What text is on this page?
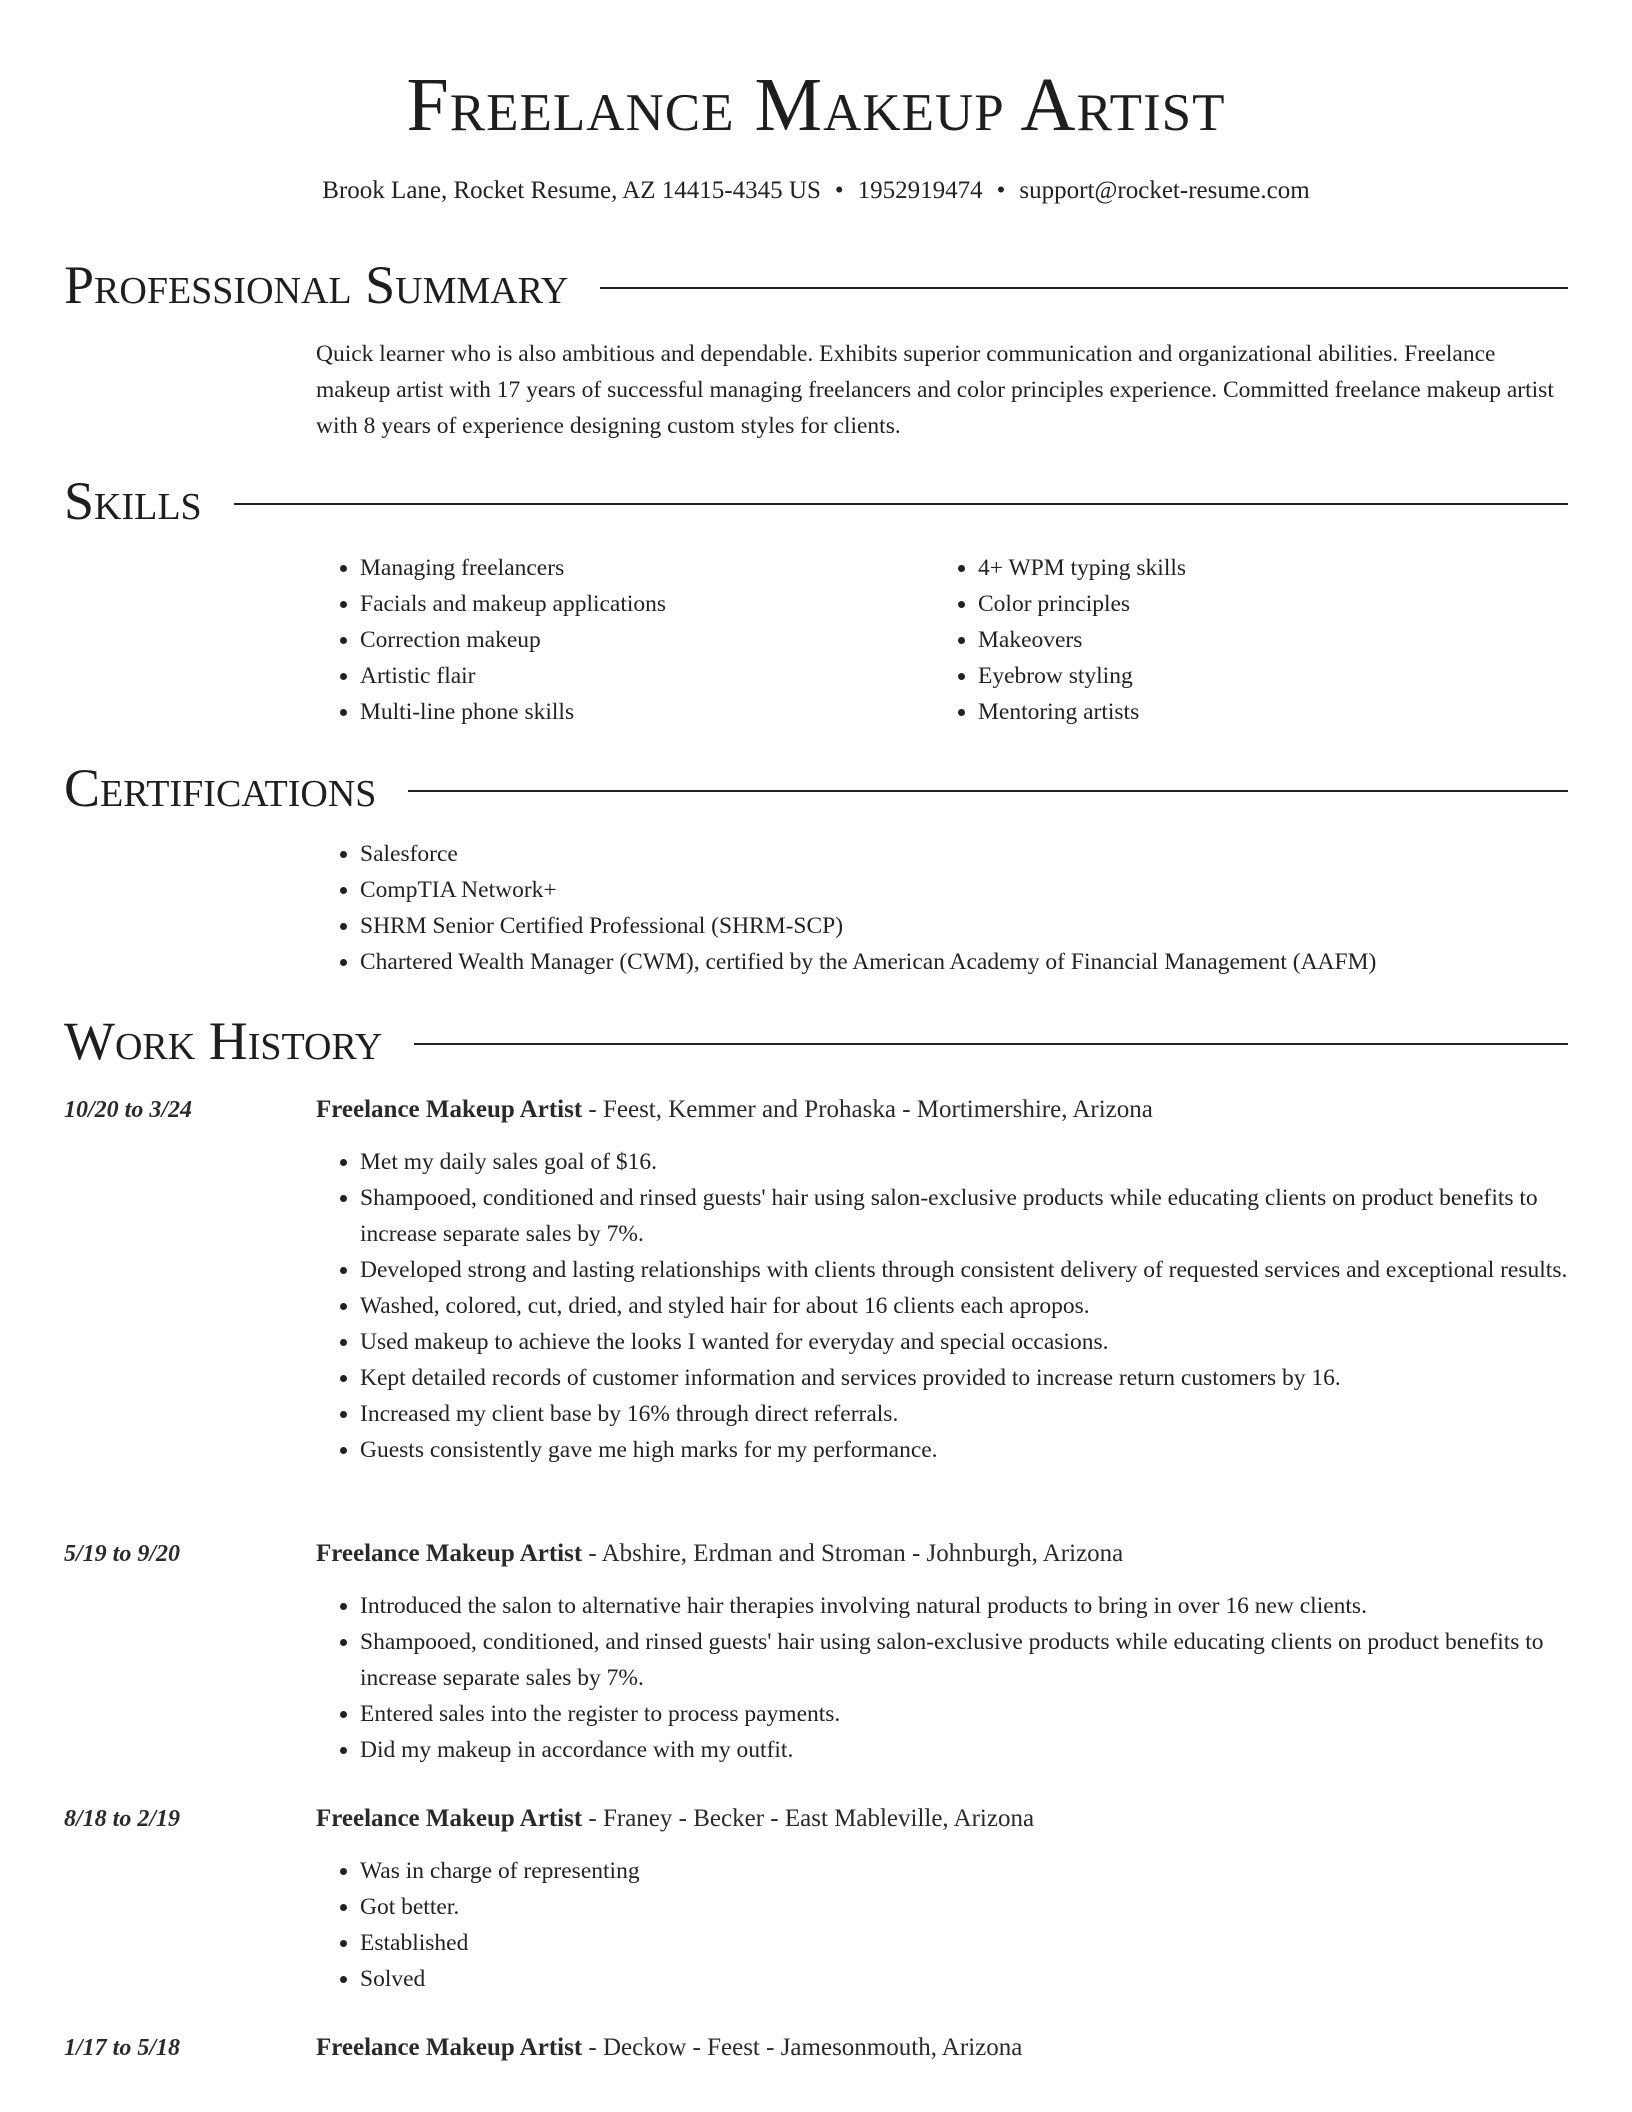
Freelance Makeup Artist
Brook Lane, Rocket Resume, AZ 14415-4345 US • 1952919474 • support@rocket-resume.com
Professional Summary
Quick learner who is also ambitious and dependable. Exhibits superior communication and organizational abilities. Freelance makeup artist with 17 years of successful managing freelancers and color principles experience. Committed freelance makeup artist with 8 years of experience designing custom styles for clients.
Skills
• Managing freelancers
• Facials and makeup applications
• Correction makeup
• Artistic flair
• Multi-line phone skills
• 4+ WPM typing skills
• Color principles
• Makeovers
• Eyebrow styling
• Mentoring artists
Certifications
• Salesforce
• CompTIA Network+
• SHRM Senior Certified Professional (SHRM-SCP)
• Chartered Wealth Manager (CWM), certified by the American Academy of Financial Management (AAFM)
Work History
10/20 to 3/24	Freelance Makeup Artist - Feest, Kemmer and Prohaska - Mortimershire, Arizona
• Met my daily sales goal of $16.
• Shampooed, conditioned and rinsed guests' hair using salon-exclusive products while educating clients on product benefits to increase separate sales by 7%.
• Developed strong and lasting relationships with clients through consistent delivery of requested services and exceptional results.
• Washed, colored, cut, dried, and styled hair for about 16 clients each apropos.
• Used makeup to achieve the looks I wanted for everyday and special occasions.
• Kept detailed records of customer information and services provided to increase return customers by 16.
• Increased my client base by 16% through direct referrals.
• Guests consistently gave me high marks for my performance.
5/19 to 9/20	Freelance Makeup Artist - Abshire, Erdman and Stroman - Johnburgh, Arizona
• Introduced the salon to alternative hair therapies involving natural products to bring in over 16 new clients.
• Shampooed, conditioned, and rinsed guests' hair using salon-exclusive products while educating clients on product benefits to increase separate sales by 7%.
• Entered sales into the register to process payments.
• Did my makeup in accordance with my outfit.
8/18 to 2/19	Freelance Makeup Artist - Franey - Becker - East Mableville, Arizona
• Was in charge of representing
• Got better.
• Established
• Solved
1/17 to 5/18	Freelance Makeup Artist - Deckow - Feest - Jamesonmouth, Arizona
